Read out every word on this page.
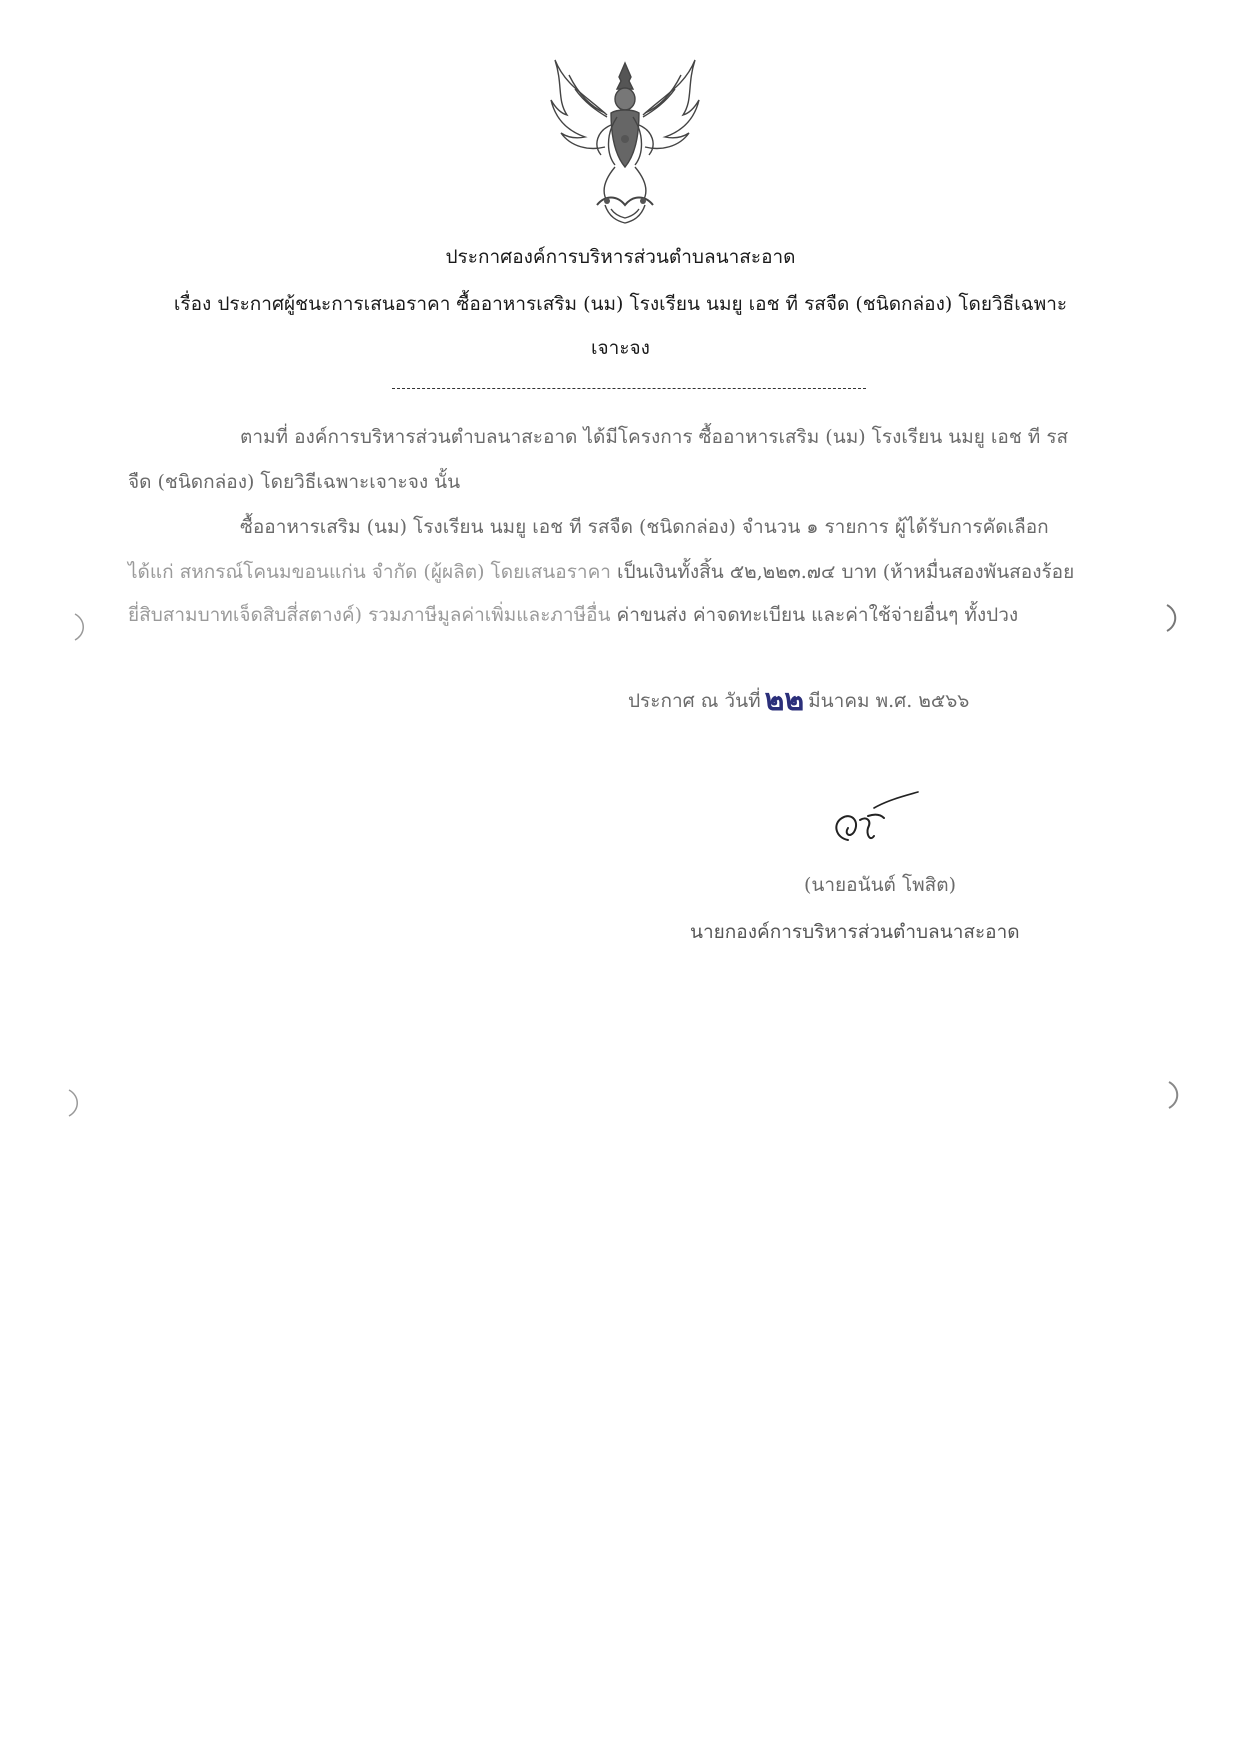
ประกาศองค์การบริหารส่วนตำบลนาสะอาด
เรื่อง ประกาศผู้ชนะการเสนอราคา ซื้ออาหารเสริม (นม) โรงเรียน นมยู เอช ที รสจืด (ชนิดกล่อง) โดยวิธีเฉพาะ
เจาะจง
ตามที่ องค์การบริหารส่วนตำบลนาสะอาด ได้มีโครงการ ซื้ออาหารเสริม (นม) โรงเรียน นมยู เอช ที รส
จืด (ชนิดกล่อง) โดยวิธีเฉพาะเจาะจง นั้น
ซื้ออาหารเสริม (นม) โรงเรียน นมยู เอช ที รสจืด (ชนิดกล่อง) จำนวน ๑ รายการ ผู้ได้รับการคัดเลือก
ได้แก่ สหกรณ์โคนมขอนแก่น จำกัด (ผู้ผลิต) โดยเสนอราคา เป็นเงินทั้งสิ้น ๕๒,๒๒๓.๗๔ บาท (ห้าหมื่นสองพันสองร้อย
ยี่สิบสามบาทเจ็ดสิบสี่สตางค์) รวมภาษีมูลค่าเพิ่มและภาษีอื่น ค่าขนส่ง ค่าจดทะเบียน และค่าใช้จ่ายอื่นๆ ทั้งปวง
ประกาศ ณ วันที่ ๒๒ มีนาคม พ.ศ. ๒๕๖๖
(นายอนันต์ โพสิต)
นายกองค์การบริหารส่วนตำบลนาสะอาด
